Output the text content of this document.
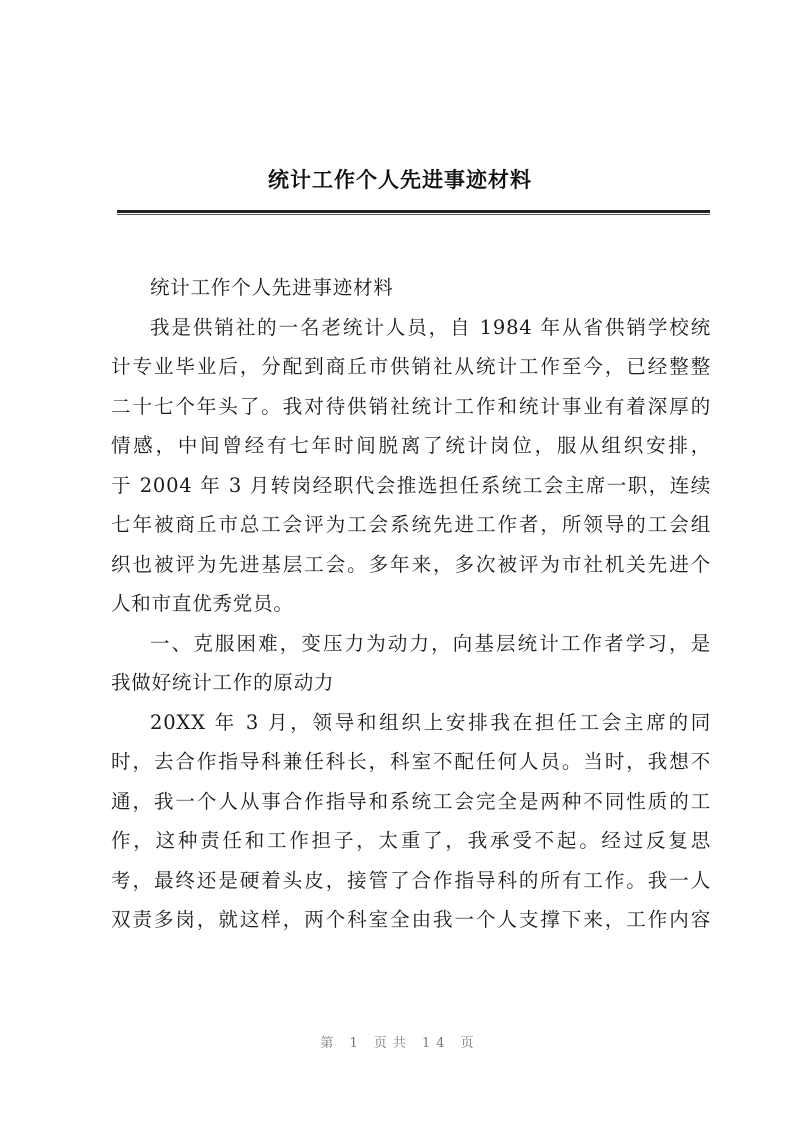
统计工作个人先进事迹材料
统计工作个人先进事迹材料
我是供销社的一名老统计人员，自 1984 年从省供销学校统
计专业毕业后，分配到商丘市供销社从统计工作至今，已经整整
二十七个年头了。我对待供销社统计工作和统计事业有着深厚的
情感，中间曾经有七年时间脱离了统计岗位，服从组织安排，
于 2004 年 3 月转岗经职代会推选担任系统工会主席一职，连续
七年被商丘市总工会评为工会系统先进工作者，所领导的工会组
织也被评为先进基层工会。多年来，多次被评为市社机关先进个
人和市直优秀党员。
一、克服困难，变压力为动力，向基层统计工作者学习，是
我做好统计工作的原动力
20XX 年 3 月，领导和组织上安排我在担任工会主席的同
时，去合作指导科兼任科长，科室不配任何人员。当时，我想不
通，我一个人从事合作指导和系统工会完全是两种不同性质的工
作，这种责任和工作担子，太重了，我承受不起。经过反复思
考，最终还是硬着头皮，接管了合作指导科的所有工作。我一人
双责多岗，就这样，两个科室全由我一个人支撑下来，工作内容
第 1 页共 14 页
